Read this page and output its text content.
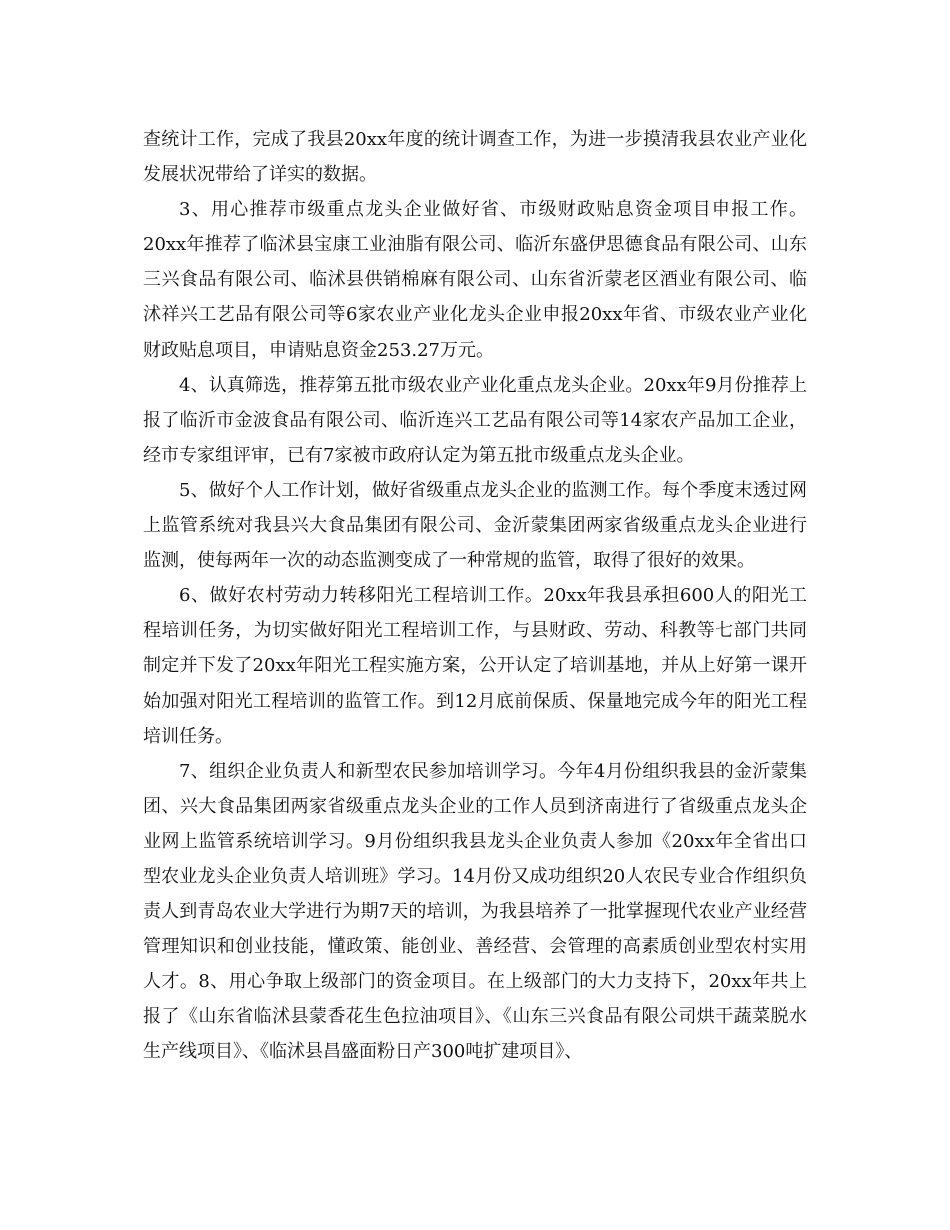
查统计工作，完成了我县20xx年度的统计调查工作，为进一步摸清我县农业产业化发展状况带给了详实的数据。

3、用心推荐市级重点龙头企业做好省、市级财政贴息资金项目申报工作。20xx年推荐了临沭县宝康工业油脂有限公司、临沂东盛伊思德食品有限公司、山东三兴食品有限公司、临沭县供销棉麻有限公司、山东省沂蒙老区酒业有限公司、临沭祥兴工艺品有限公司等6家农业产业化龙头企业申报20xx年省、市级农业产业化财政贴息项目，申请贴息资金253.27万元。

4、认真筛选，推荐第五批市级农业产业化重点龙头企业。20xx年9月份推荐上报了临沂市金波食品有限公司、临沂连兴工艺品有限公司等14家农产品加工企业，经市专家组评审，已有7家被市政府认定为第五批市级重点龙头企业。

5、做好个人工作计划，做好省级重点龙头企业的监测工作。每个季度末透过网上监管系统对我县兴大食品集团有限公司、金沂蒙集团两家省级重点龙头企业进行监测，使每两年一次的动态监测变成了一种常规的监管，取得了很好的效果。

6、做好农村劳动力转移阳光工程培训工作。20xx年我县承担600人的阳光工程培训任务，为切实做好阳光工程培训工作，与县财政、劳动、科教等七部门共同制定并下发了20xx年阳光工程实施方案，公开认定了培训基地，并从上好第一课开始加强对阳光工程培训的监管工作。到12月底前保质、保量地完成今年的阳光工程培训任务。

7、组织企业负责人和新型农民参加培训学习。今年4月份组织我县的金沂蒙集团、兴大食品集团两家省级重点龙头企业的工作人员到济南进行了省级重点龙头企业网上监管系统培训学习。9月份组织我县龙头企业负责人参加《20xx年全省出口型农业龙头企业负责人培训班》学习。14月份又成功组织20人农民专业合作组织负责人到青岛农业大学进行为期7天的培训，为我县培养了一批掌握现代农业产业经营管理知识和创业技能，懂政策、能创业、善经营、会管理的高素质创业型农村实用人才。8、用心争取上级部门的资金项目。在上级部门的大力支持下，20xx年共上报了《山东省临沭县蒙香花生色拉油项目》、《山东三兴食品有限公司烘干蔬菜脱水生产线项目》、《临沭县昌盛面粉日产300吨扩建项目》、
